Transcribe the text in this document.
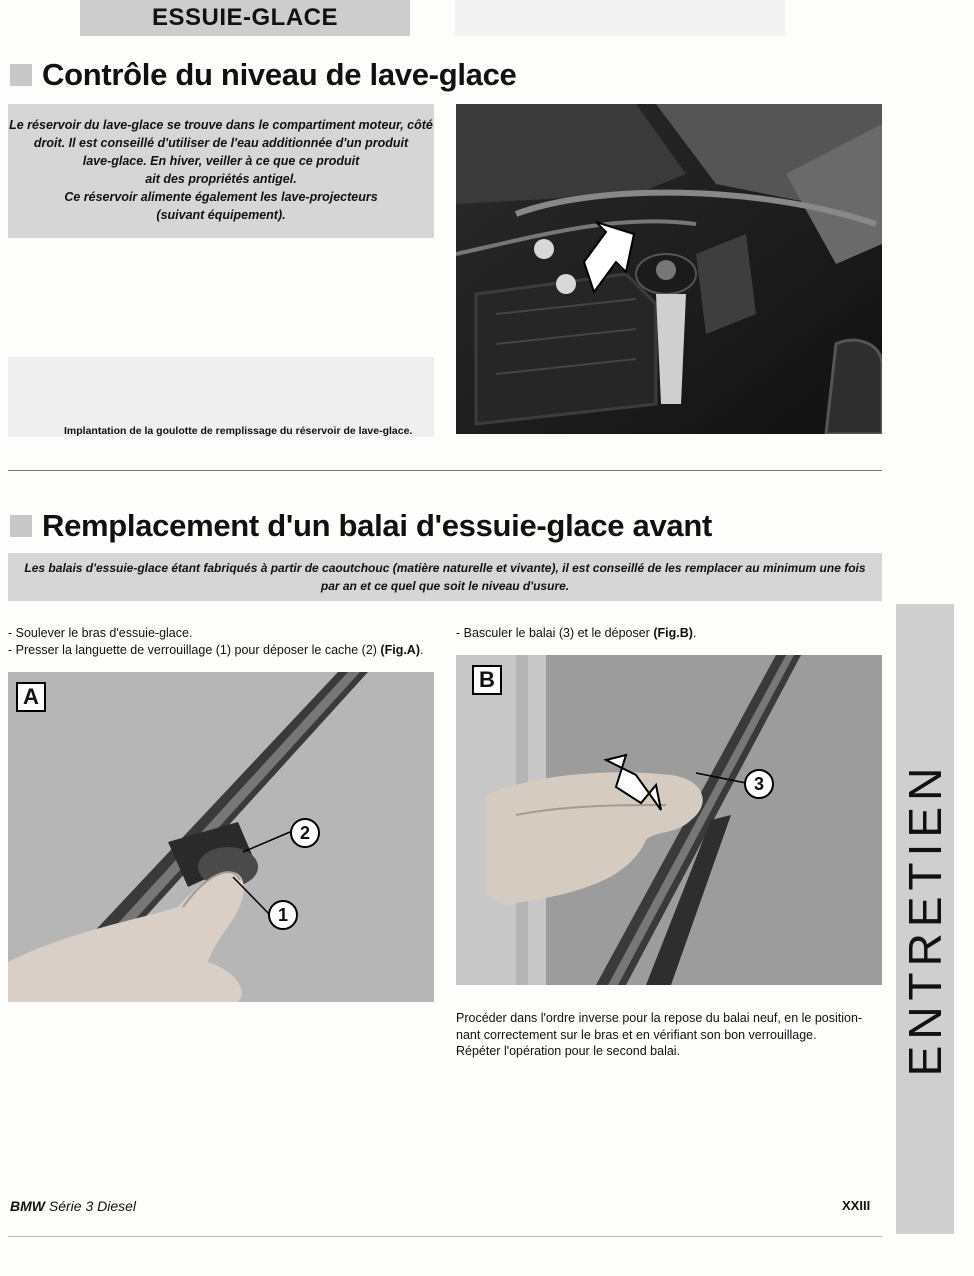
ESSUIE-GLACE
Contrôle du niveau de lave-glace
Le réservoir du lave-glace se trouve dans le compartiment moteur, côté
droit. Il est conseillé d'utiliser de l'eau additionnée d'un produit
lave-glace. En hiver, veiller à ce que ce produit
ait des propriétés antigel.
Ce réservoir alimente également les lave-projecteurs
(suivant équipement).
Implantation de la goulotte de remplissage du réservoir de lave-glace.
Remplacement d'un balai d'essuie-glace avant
Les balais d'essuie-glace étant fabriqués à partir de caoutchouc (matière naturelle et vivante), il est conseillé de les remplacer au minimum une fois
par an et ce quel que soit le niveau d'usure.
- Soulever le bras d'essuie-glace.
- Presser la languette de verrouillage (1) pour déposer le cache (2) (Fig.A).
- Basculer le balai (3) et le déposer (Fig.B).
A
2
1
B
3
Procéder dans l'ordre inverse pour la repose du balai neuf, en le position-
nant correctement sur le bras et en vérifiant son bon verrouillage.
Répéter l'opération pour le second balai.	ENTRETIEN
BMW Série 3 Diesel	XXIII
